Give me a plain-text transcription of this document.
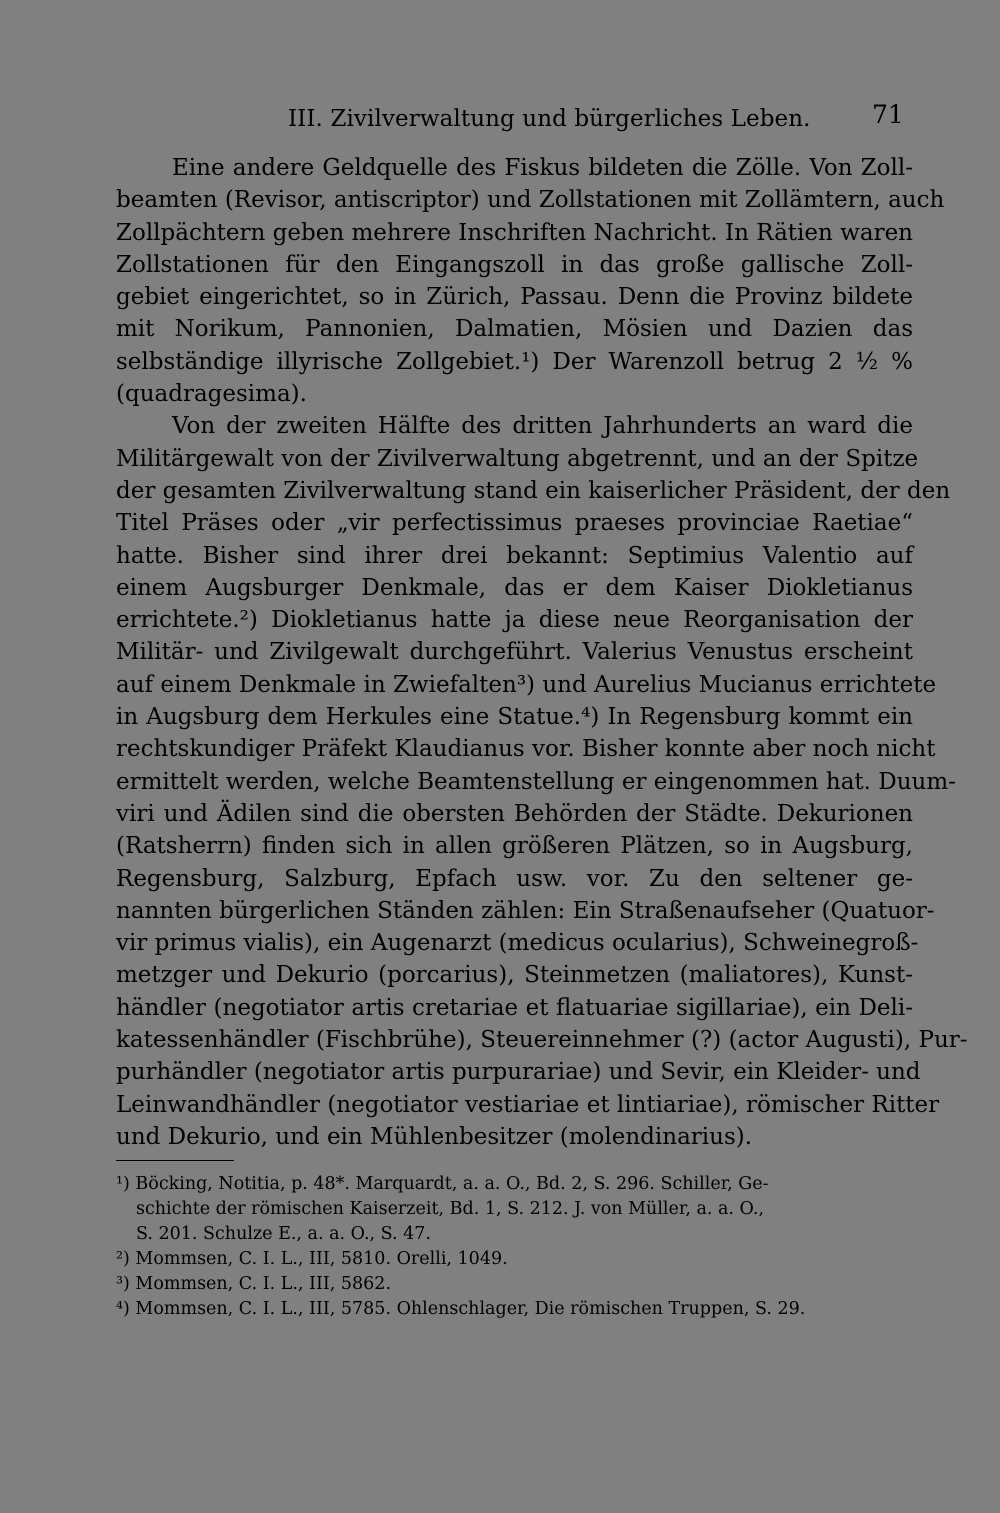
III. Zivilverwaltung und bürgerliches Leben. 71

Eine andere Geldquelle des Fiskus bildeten die Zölle. Von Zoll-
beamten (Revisor, antiscriptor) und Zollstationen mit Zollämtern, auch
Zollpächtern geben mehrere Inschriften Nachricht. In Rätien waren
Zollstationen für den Eingangszoll in das große gallische Zoll-
gebiet eingerichtet, so in Zürich, Passau. Denn die Provinz bildete
mit Norikum, Pannonien, Dalmatien, Mösien und Dazien das
selbständige illyrische Zollgebiet.¹) Der Warenzoll betrug 2 ½ %
(quadragesima).

Von der zweiten Hälfte des dritten Jahrhunderts an ward die
Militärgewalt von der Zivilverwaltung abgetrennt, und an der Spitze
der gesamten Zivilverwaltung stand ein kaiserlicher Präsident, der den
Titel Präses oder „vir perfectissimus praeses provinciae Raetiae“
hatte. Bisher sind ihrer drei bekannt: Septimius Valentio auf
einem Augsburger Denkmale, das er dem Kaiser Diokletianus
errichtete.²) Diokletianus hatte ja diese neue Reorganisation der
Militär- und Zivilgewalt durchgeführt. Valerius Venustus erscheint
auf einem Denkmale in Zwiefalten³) und Aurelius Mucianus errichtete
in Augsburg dem Herkules eine Statue.⁴) In Regensburg kommt ein
rechtskundiger Präfekt Klaudianus vor. Bisher konnte aber noch nicht
ermittelt werden, welche Beamtenstellung er eingenommen hat. Duum-
viri und Ädilen sind die obersten Behörden der Städte. Dekurionen
(Ratsherrn) finden sich in allen größeren Plätzen, so in Augsburg,
Regensburg, Salzburg, Epfach usw. vor. Zu den seltener ge-
nannten bürgerlichen Ständen zählen: Ein Straßenaufseher (Quatuor-
vir primus vialis), ein Augenarzt (medicus ocularius), Schweinegroß-
metzger und Dekurio (porcarius), Steinmetzen (maliatores), Kunst-
händler (negotiator artis cretariae et flatuariae sigillariae), ein Deli-
katessenhändler (Fischbrühe), Steuereinnehmer (?) (actor Augusti), Pur-
purhändler (negotiator artis purpurariae) und Sevir, ein Kleider- und
Leinwandhändler (negotiator vestiariae et lintiariae), römischer Ritter
und Dekurio, und ein Mühlenbesitzer (molendinarius).

¹) Böcking, Notitia, p. 48*. Marquardt, a. a. O., Bd. 2, S. 296. Schiller, Ge-
schichte der römischen Kaiserzeit, Bd. 1, S. 212. J. von Müller, a. a. O.,
S. 201. Schulze E., a. a. O., S. 47.
²) Mommsen, C. I. L., III, 5810. Orelli, 1049.
³) Mommsen, C. I. L., III, 5862.
⁴) Mommsen, C. I. L., III, 5785. Ohlenschlager, Die römischen Truppen, S. 29.
